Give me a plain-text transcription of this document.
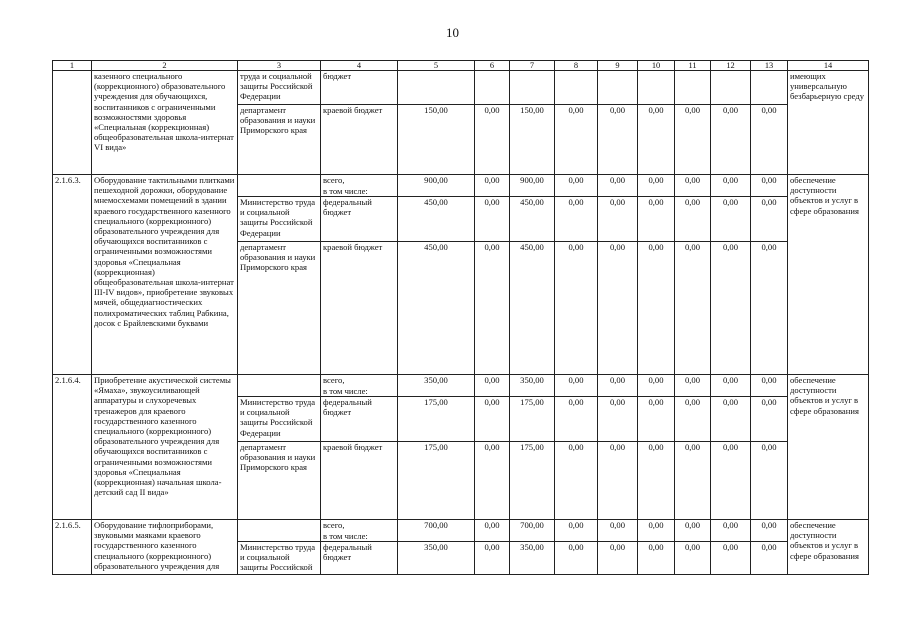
10
1	2	3	4	5	6	7	8	9	10	11	12	13	14
	казенного специального (коррекционного) образовательного учреждения для обучающихся, воспитанников с ограниченными возможностями здоровья «Специальная (коррекционная) общеобразовательная школа-интернат VI вида»	труда и социальной защиты Российской Федерации	бюджет										имеющих универсальную безбарьерную среду
		департамент образования и науки Приморского края	краевой бюджет	150,00	0,00	150,00	0,00	0,00	0,00	0,00	0,00	0,00	
2.1.6.3.	Оборудование тактильными плитками пешеходной дорожки, оборудование мнемосхемами помещений в здании краевого государственного казенного специального (коррекционного) образовательного учреждения для обучающихся воспитанников с ограниченными возможностями здоровья «Специальная (коррекционная) общеобразовательная школа-интернат III-IV видов», приобретение звуковых мячей, общедиагностических полихроматических таблиц Рабкина, досок с Брайлевскими буквами		всего,	900,00	0,00	900,00	0,00	0,00	0,00	0,00	0,00	0,00	обеспечение доступности объектов и услуг в сфере образования
			в том числе:										
		Министерство труда и социальной защиты Российской Федерации	федеральный бюджет	450,00	0,00	450,00	0,00	0,00	0,00	0,00	0,00	0,00	
		департамент образования и науки Приморского края	краевой бюджет	450,00	0,00	450,00	0,00	0,00	0,00	0,00	0,00	0,00	
2.1.6.4.	Приобретение акустической системы «Ямаха», звукоусиливающей аппаратуры и слухоречевых тренажеров для краевого государственного казенного специального (коррекционного) образовательного учреждения для обучающихся воспитанников с ограниченными возможностями здоровья «Специальная (коррекционная) начальная школа-детский сад II вида»		всего,	350,00	0,00	350,00	0,00	0,00	0,00	0,00	0,00	0,00	обеспечение доступности объектов и услуг в сфере образования
			в том числе:										
		Министерство труда и социальной защиты Российской Федерации	федеральный бюджет	175,00	0,00	175,00	0,00	0,00	0,00	0,00	0,00	0,00	
		департамент образования и науки Приморского края	краевой бюджет	175,00	0,00	175,00	0,00	0,00	0,00	0,00	0,00	0,00	
2.1.6.5.	Оборудование тифлоприборами, звуковыми маяками краевого государственного казенного специального (коррекционного) образовательного учреждения для		всего,	700,00	0,00	700,00	0,00	0,00	0,00	0,00	0,00	0,00	обеспечение доступности объектов и услуг в сфере образования
			в том числе:										
		Министерство труда и социальной защиты Российской	федеральный бюджет	350,00	0,00	350,00	0,00	0,00	0,00	0,00	0,00	0,00	
